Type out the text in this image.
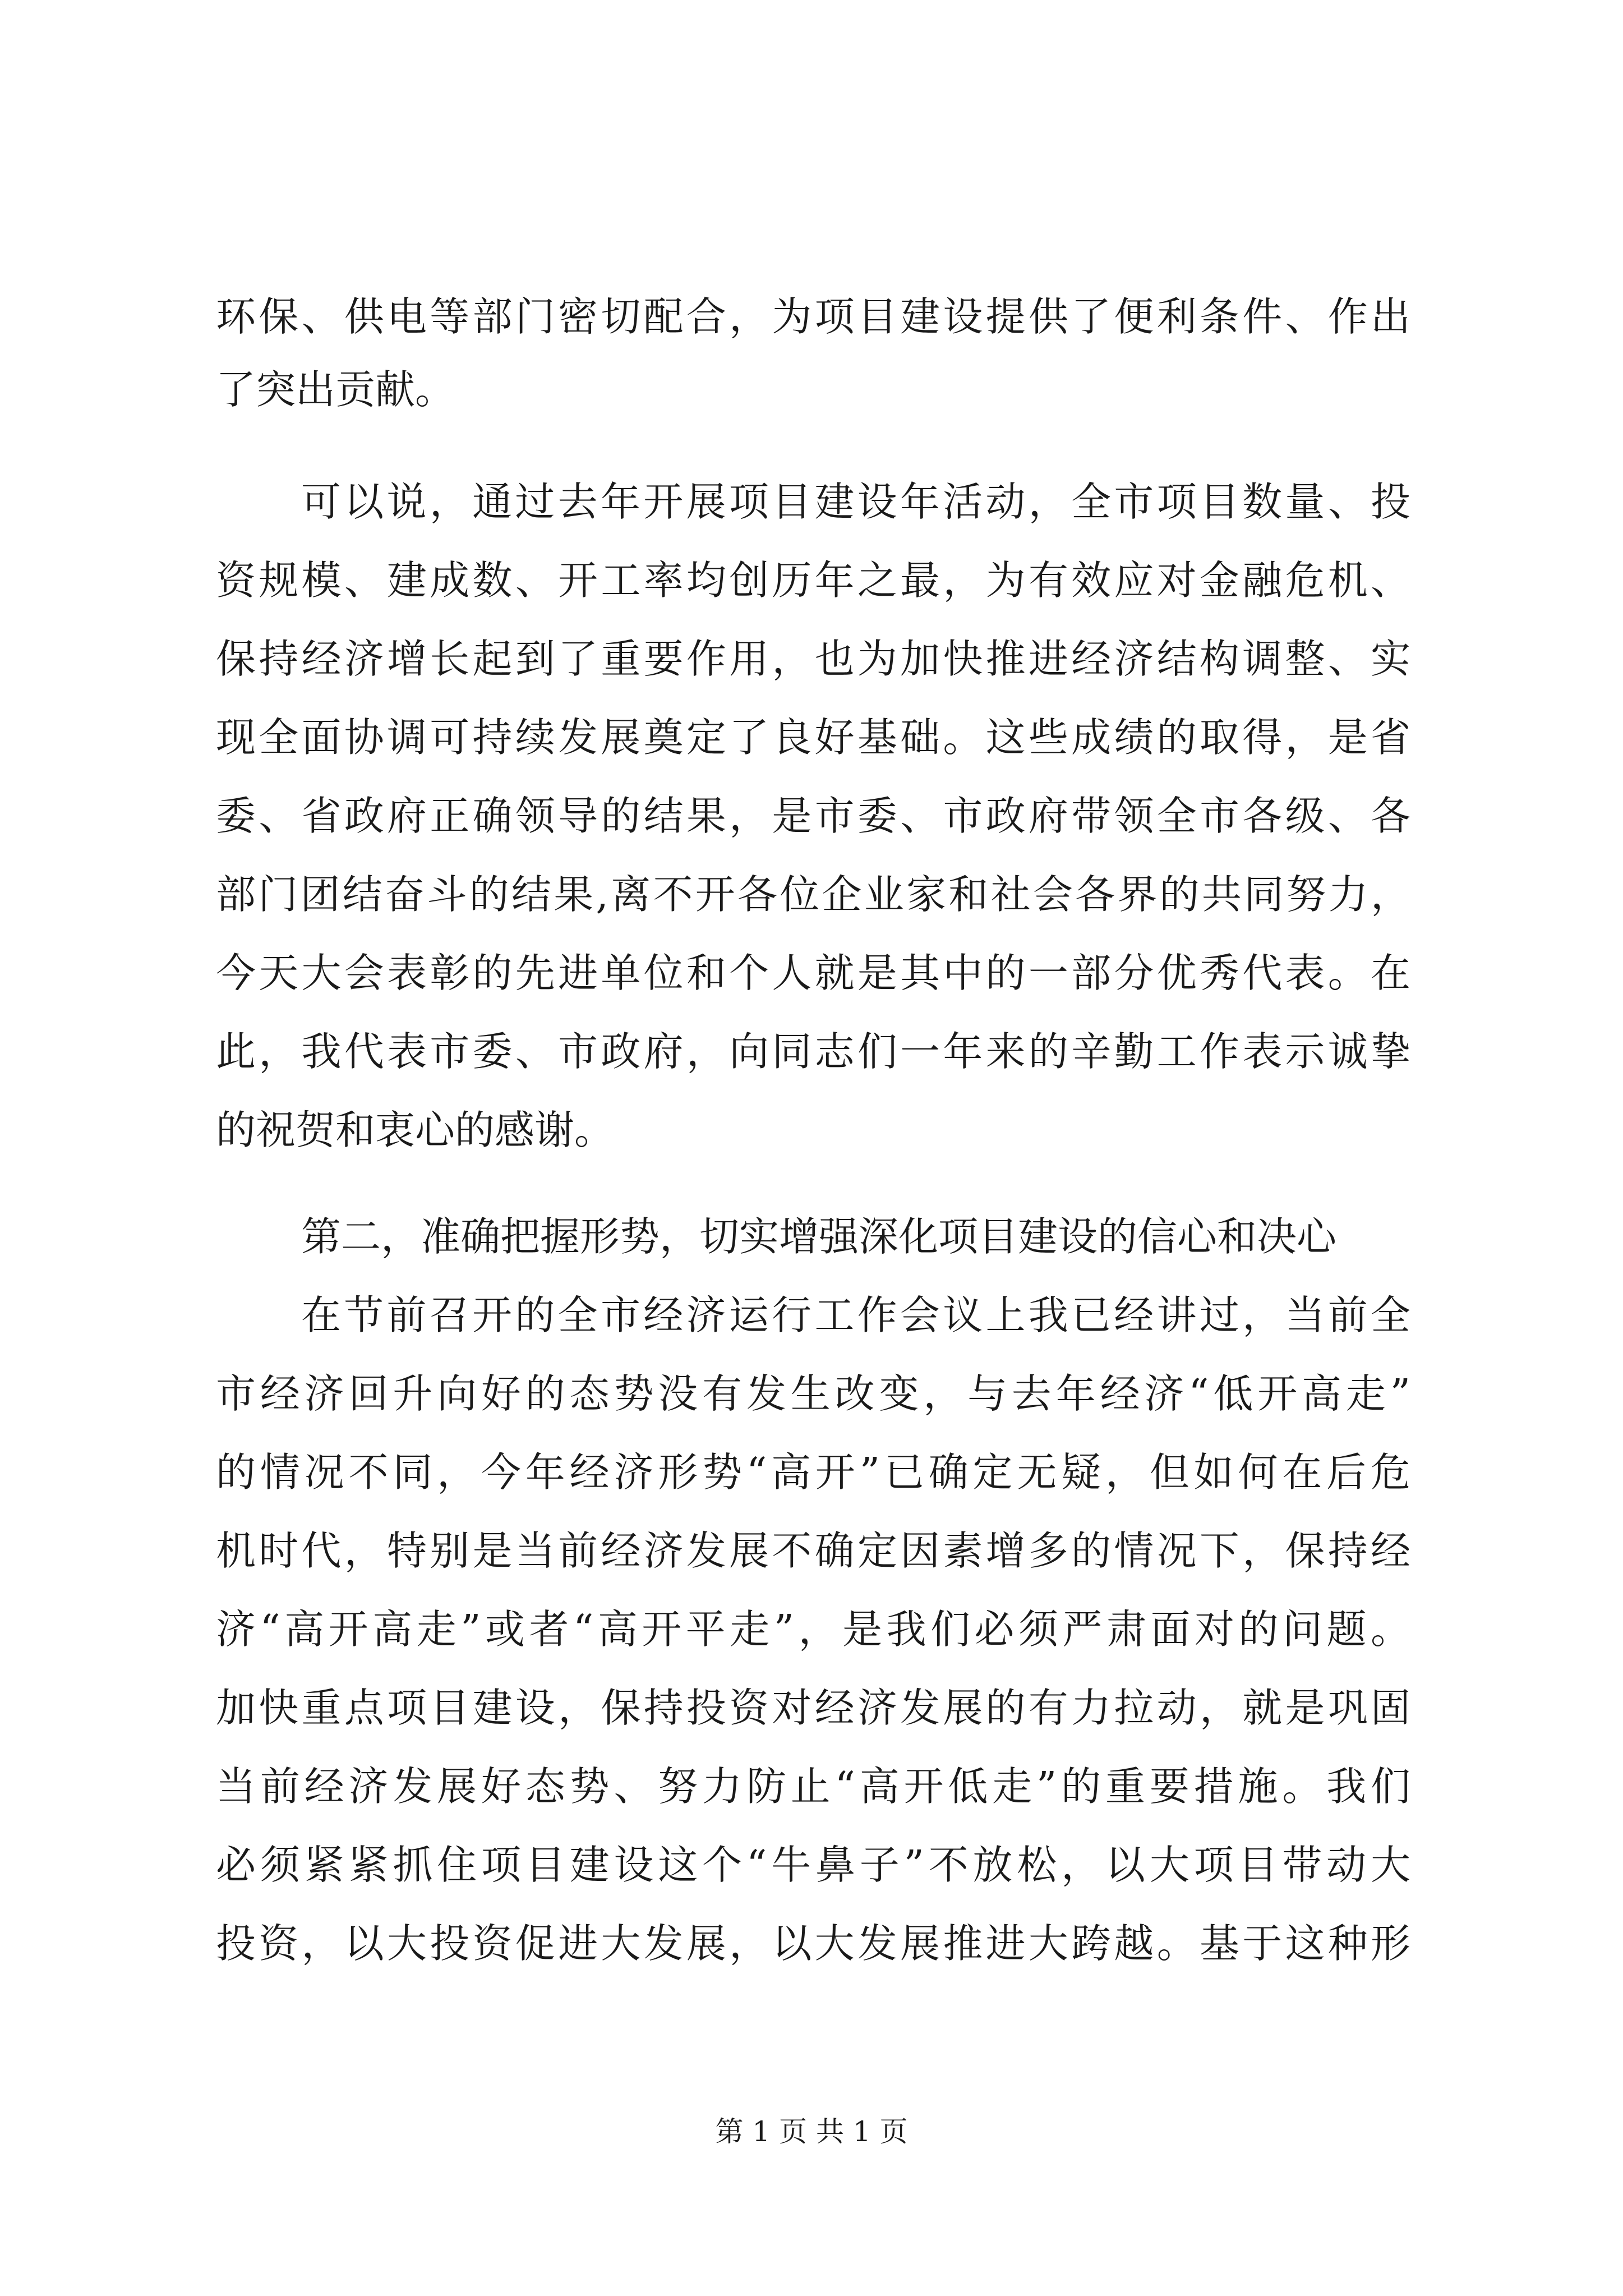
环保、供电等部门密切配合，为项目建设提供了便利条件、作出
了突出贡献。
可以说，通过去年开展项目建设年活动，全市项目数量、投
资规模、建成数、开工率均创历年之最，为有效应对金融危机、
保持经济增长起到了重要作用，也为加快推进经济结构调整、实
现全面协调可持续发展奠定了良好基础。这些成绩的取得，是省
委、省政府正确领导的结果，是市委、市政府带领全市各级、各
部门团结奋斗的结果,离不开各位企业家和社会各界的共同努力，
今天大会表彰的先进单位和个人就是其中的一部分优秀代表。在
此，我代表市委、市政府，向同志们一年来的辛勤工作表示诚挚
的祝贺和衷心的感谢。
第二，准确把握形势，切实增强深化项目建设的信心和决心
在节前召开的全市经济运行工作会议上我已经讲过，当前全
市经济回升向好的态势没有发生改变，与去年经济“低开高走”
的情况不同，今年经济形势“高开”已确定无疑，但如何在后危
机时代，特别是当前经济发展不确定因素增多的情况下，保持经
济“高开高走”或者“高开平走”，是我们必须严肃面对的问题。
加快重点项目建设，保持投资对经济发展的有力拉动，就是巩固
当前经济发展好态势、努力防止“高开低走”的重要措施。我们
必须紧紧抓住项目建设这个“牛鼻子”不放松，以大项目带动大
投资，以大投资促进大发展，以大发展推进大跨越。基于这种形
第 1 页 共 1 页
